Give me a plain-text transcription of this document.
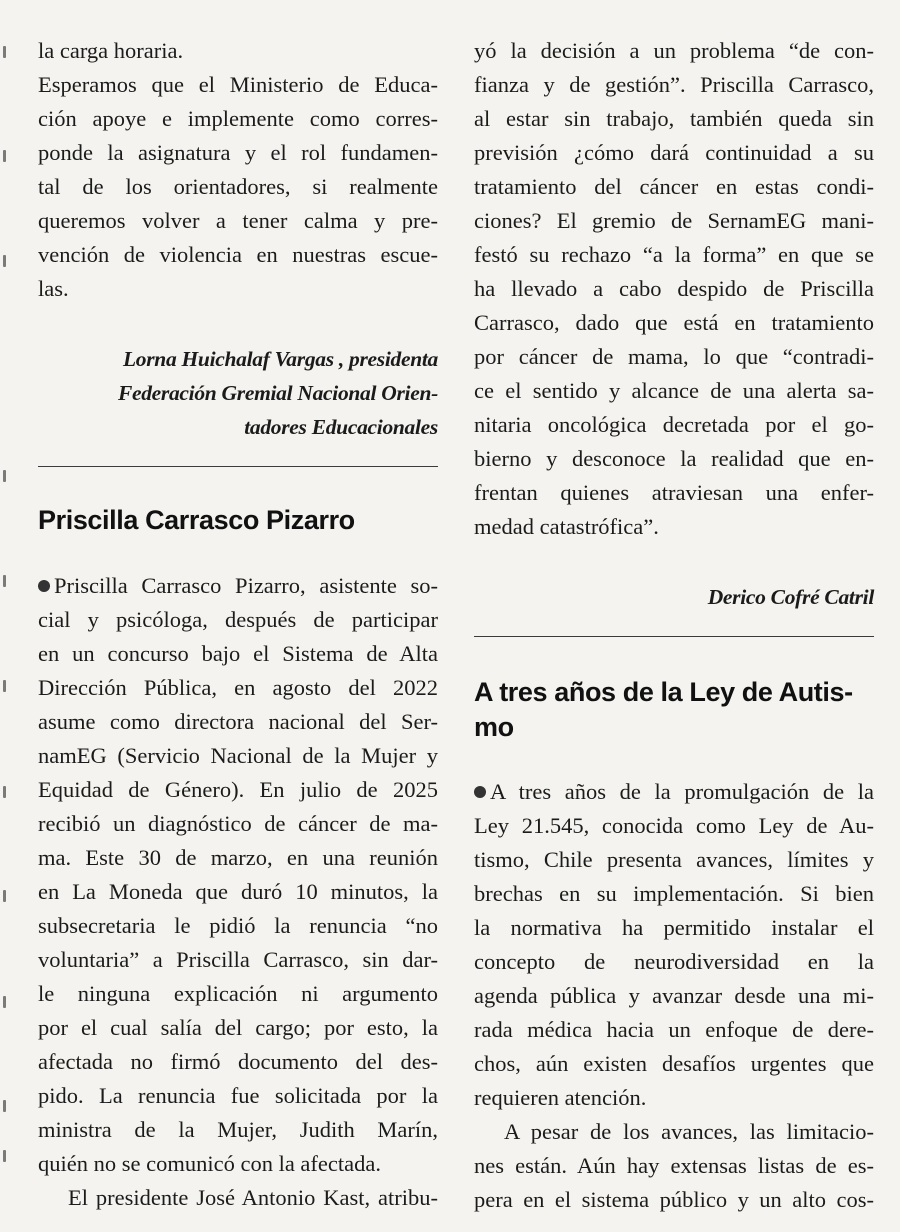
la carga horaria.
Esperamos que el Ministerio de Educa-
ción apoye e implemente como corres-
ponde la asignatura y el rol fundamen-
tal de los orientadores, si realmente
queremos volver a tener calma y pre-
vención de violencia en nuestras escue-
las.
Lorna Huichalaf Vargas , presidenta
Federación Gremial Nacional Orien-
tadores Educacionales
Priscilla Carrasco Pizarro
Priscilla Carrasco Pizarro, asistente so-
cial y psicóloga, después de participar
en un concurso bajo el Sistema de Alta
Dirección Pública, en agosto del 2022
asume como directora nacional del Ser-
namEG (Servicio Nacional de la Mujer y
Equidad de Género). En julio de 2025
recibió un diagnóstico de cáncer de ma-
ma. Este 30 de marzo, en una reunión
en La Moneda que duró 10 minutos, la
subsecretaria le pidió la renuncia “no
voluntaria” a Priscilla Carrasco, sin dar-
le ninguna explicación ni argumento
por el cual salía del cargo; por esto, la
afectada no firmó documento del des-
pido. La renuncia fue solicitada por la
ministra de la Mujer, Judith Marín,
quién no se comunicó con la afectada.
El presidente José Antonio Kast, atribu-
yó la decisión a un problema “de con-
fianza y de gestión”. Priscilla Carrasco,
al estar sin trabajo, también queda sin
previsión ¿cómo dará continuidad a su
tratamiento del cáncer en estas condi-
ciones? El gremio de SernamEG mani-
festó su rechazo “a la forma” en que se
ha llevado a cabo despido de Priscilla
Carrasco, dado que está en tratamiento
por cáncer de mama, lo que “contradi-
ce el sentido y alcance de una alerta sa-
nitaria oncológica decretada por el go-
bierno y desconoce la realidad que en-
frentan quienes atraviesan una enfer-
medad catastrófica”.
Derico Cofré Catril
A tres años de la Ley de Autis-
mo
A tres años de la promulgación de la
Ley 21.545, conocida como Ley de Au-
tismo, Chile presenta avances, límites y
brechas en su implementación. Si bien
la normativa ha permitido instalar el
concepto de neurodiversidad en la
agenda pública y avanzar desde una mi-
rada médica hacia un enfoque de dere-
chos, aún existen desafíos urgentes que
requieren atención.
A pesar de los avances, las limitacio-
nes están. Aún hay extensas listas de es-
pera en el sistema público y un alto cos-
